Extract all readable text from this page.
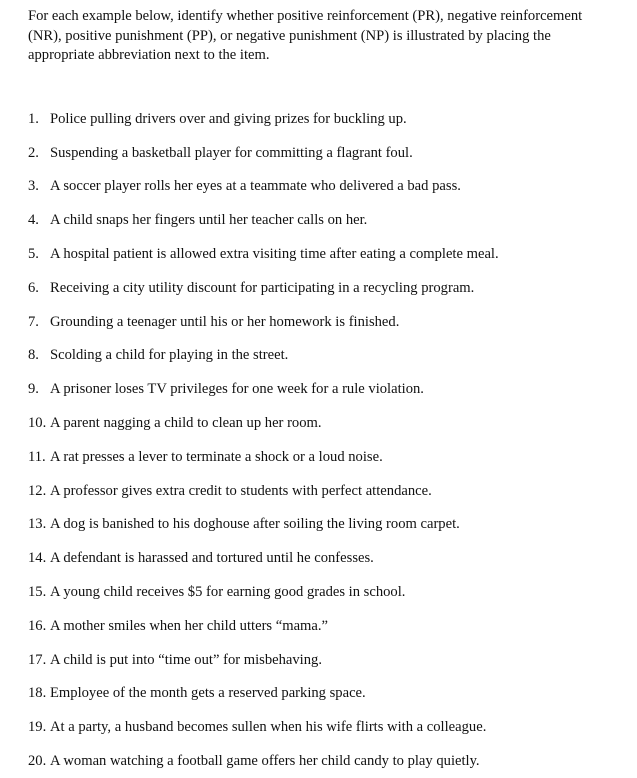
For each example below, identify whether positive reinforcement (PR), negative reinforcement (NR), positive punishment (PP), or negative punishment (NP) is illustrated by placing the appropriate abbreviation next to the item.

1. Police pulling drivers over and giving prizes for buckling up.
2. Suspending a basketball player for committing a flagrant foul.
3. A soccer player rolls her eyes at a teammate who delivered a bad pass.
4. A child snaps her fingers until her teacher calls on her.
5. A hospital patient is allowed extra visiting time after eating a complete meal.
6. Receiving a city utility discount for participating in a recycling program.
7. Grounding a teenager until his or her homework is finished.
8. Scolding a child for playing in the street.
9. A prisoner loses TV privileges for one week for a rule violation.
10. A parent nagging a child to clean up her room.
11. A rat presses a lever to terminate a shock or a loud noise.
12. A professor gives extra credit to students with perfect attendance.
13. A dog is banished to his doghouse after soiling the living room carpet.
14. A defendant is harassed and tortured until he confesses.
15. A young child receives $5 for earning good grades in school.
16. A mother smiles when her child utters “mama.”
17. A child is put into “time out” for misbehaving.
18. Employee of the month gets a reserved parking space.
19. At a party, a husband becomes sullen when his wife flirts with a colleague.
20. A woman watching a football game offers her child candy to play quietly.
